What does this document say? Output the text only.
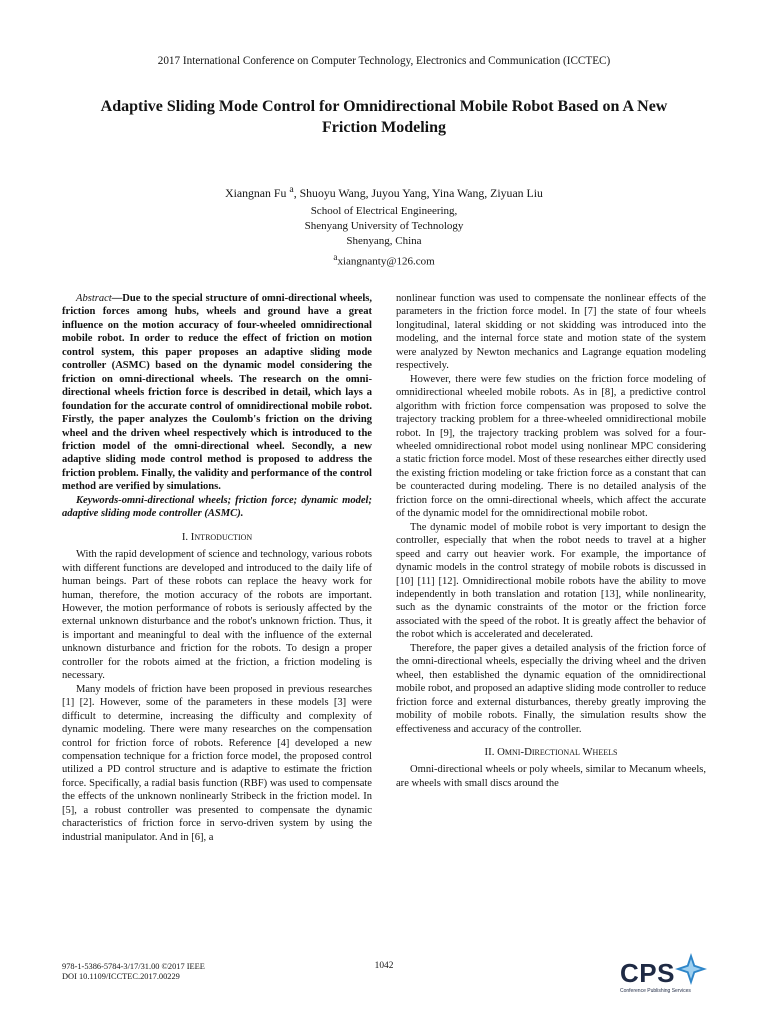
2017 International Conference on Computer Technology, Electronics and Communication (ICCTEC)
Adaptive Sliding Mode Control for Omnidirectional Mobile Robot Based on A New
Friction Modeling
Xiangnan Fu $^a$, Shuoyu Wang, Juyou Yang, Yina Wang, Ziyuan Liu
School of Electrical Engineering,
Shenyang University of Technology
Shenyang, China
$^a$xiangnanty@126.com

Abstract—Due to the special structure of omni-directional wheels, friction forces among hubs, wheels and ground have a great influence on the motion accuracy of four-wheeled omnidirectional mobile robot. In order to reduce the effect of friction on motion control system, this paper proposes an adaptive sliding mode controller (ASMC) based on the dynamic model considering the friction on omni-directional wheels. The research on the omni-directional wheels friction force is described in detail, which lays a foundation for the accurate control of omnidirectional mobile robot. Firstly, the paper analyzes the Coulomb's friction on the driving wheel and the driven wheel respectively which is introduced to the friction model of the omni-directional wheel. Secondly, a new adaptive sliding mode control method is proposed to address the friction problem. Finally, the validity and performance of the control method are verified by simulations.

Keywords-omni-directional wheels; friction force; dynamic model; adaptive sliding mode controller (ASMC).

I. Introduction

With the rapid development of science and technology, various robots with different functions are developed and introduced to the daily life of human beings. Part of these robots can replace the heavy work for human, therefore, the motion accuracy of the robots are important. However, the motion performance of robots is seriously affected by the external unknown disturbance and the robot's unknown friction. Thus, it is important and meaningful to deal with the influence of the external unknown disturbance and friction for the robots. To design a proper controller for the robots aimed at the friction, a friction modeling is necessary.

Many models of friction have been proposed in previous researches [1] [2]. However, some of the parameters in these models [3] were difficult to determine, increasing the difficulty and complexity of dynamic modeling. There were many researches on the compensation control for friction force of robots. Reference [4] developed a new compensation technique for a friction force model, the proposed control utilized a PD control structure and is adaptive to estimate the friction force. Specifically, a radial basis function (RBF) was used to compensate the effects of the unknown nonlinearly Stribeck in the friction model. In [5], a robust controller was presented to compensate the dynamic characteristics of friction force in servo-driven system by using the industrial manipulator. And in [6], a

nonlinear function was used to compensate the nonlinear effects of the parameters in the friction force model. In [7] the state of four wheels longitudinal, lateral skidding or not skidding was introduced into the modeling, and the internal force state and motion state of the system were analyzed by Newton mechanics and Lagrange equation modeling respectively.

However, there were few studies on the friction force modeling of omnidirectional wheeled mobile robots. As in [8], a predictive control algorithm with friction force compensation was proposed to solve the trajectory tracking problem for a three-wheeled omnidirectional mobile robot. In [9], the trajectory tracking problem was solved for a four-wheeled omnidirectional robot model using nonlinear MPC considering a static friction force model. Most of these researches either directly used the existing friction modeling or take friction force as a constant that can be counteracted during modeling. There is no detailed analysis of the friction force on the omni-directional wheels, which affect the accurate of the dynamic model for the omnidirectional mobile robot.

The dynamic model of mobile robot is very important to design the controller, especially that when the robot needs to travel at a higher speed and carry out heavier work. For example, the importance of dynamic models in the control strategy of mobile robots is discussed in [10] [11] [12]. Omnidirectional mobile robots have the ability to move independently in both translation and rotation [13], while nonlinearity, such as the dynamic constraints of the motor or the friction force associated with the speed of the robot. It is greatly affect the behavior of the robot which is accelerated and decelerated.

Therefore, the paper gives a detailed analysis of the friction force of the omni-directional wheels, especially the driving wheel and the driven wheel, then established the dynamic equation of the omnidirectional mobile robot, and proposed an adaptive sliding mode controller to reduce friction force and external disturbances, thereby greatly improving the mobility of mobile robots. Finally, the simulation results show the effectiveness and accuracy of the controller.

II. Omni-Directional Wheels

Omni-directional wheels or poly wheels, similar to Mecanum wheels, are wheels with small discs around the

978-1-5386-5784-3/17/31.00 ©2017 IEEE
DOI 10.1109/ICCTEC.2017.00229
1042	CPS
Conference Publishing Services
